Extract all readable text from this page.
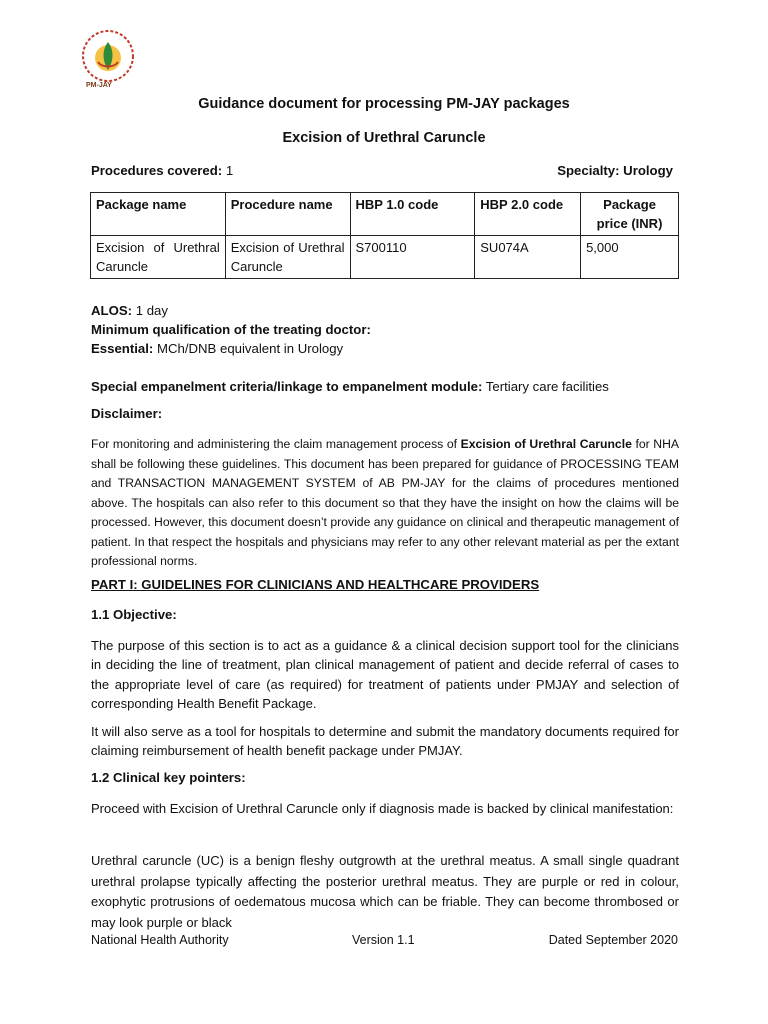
PM-JAY
Guidance document for processing PM-JAY packages
Excision of Urethral Caruncle
Procedures covered: 1	Specialty: Urology
Package name	Procedure name	HBP 1.0 code	HBP 2.0 code	Package price (INR)
Excision of Urethral Caruncle	Excision of Urethral Caruncle	S700110	SU074A	5,000
ALOS: 1 day
Minimum qualification of the treating doctor:
Essential: MCh/DNB equivalent in Urology
Special empanelment criteria/linkage to empanelment module: Tertiary care facilities
Disclaimer:
For monitoring and administering the claim management process of Excision of Urethral Caruncle for NHA shall be following these guidelines. This document has been prepared for guidance of PROCESSING TEAM and TRANSACTION MANAGEMENT SYSTEM of AB PM-JAY for the claims of procedures mentioned above. The hospitals can also refer to this document so that they have the insight on how the claims will be processed. However, this document doesn’t provide any guidance on clinical and therapeutic management of patient. In that respect the hospitals and physicians may refer to any other relevant material as per the extant professional norms.
PART I: GUIDELINES FOR CLINICIANS AND HEALTHCARE PROVIDERS
1.1 Objective:
The purpose of this section is to act as a guidance & a clinical decision support tool for the clinicians in deciding the line of treatment, plan clinical management of patient and decide referral of cases to the appropriate level of care (as required) for treatment of patients under PMJAY and selection of corresponding Health Benefit Package.
It will also serve as a tool for hospitals to determine and submit the mandatory documents required for claiming reimbursement of health benefit package under PMJAY.
1.2 Clinical key pointers:
Proceed with Excision of Urethral Caruncle only if diagnosis made is backed by clinical manifestation:
Urethral caruncle (UC) is a benign fleshy outgrowth at the urethral meatus. A small single quadrant urethral prolapse typically affecting the posterior urethral meatus. They are purple or red in colour, exophytic protrusions of oedematous mucosa which can be friable. They can become thrombosed or may look purple or black
National Health Authority	Version 1.1	Dated September 2020
